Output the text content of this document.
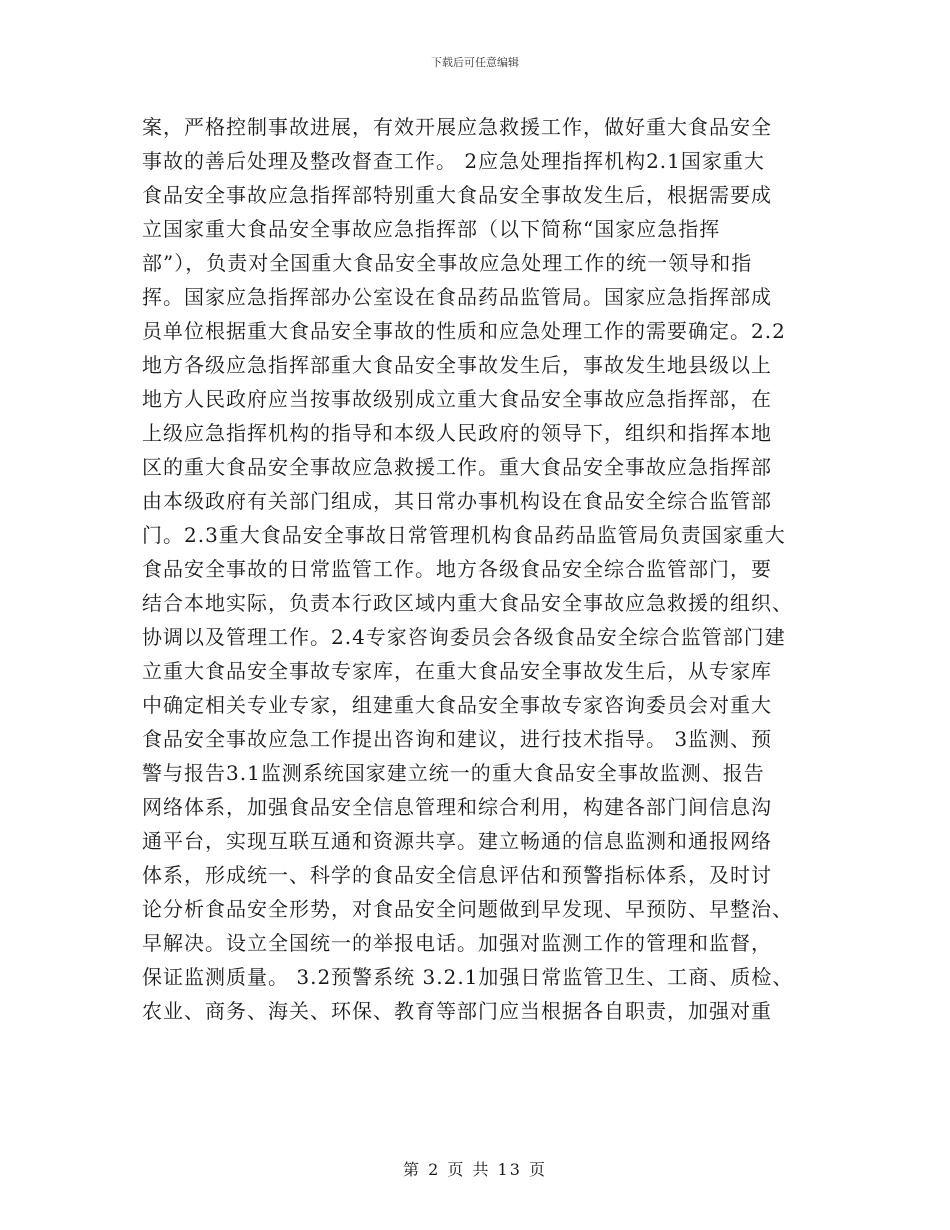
下载后可任意编辑
案，严格控制事故进展，有效开展应急救援工作，做好重大食品安全
事故的善后处理及整改督查工作。 2应急处理指挥机构2.1国家重大
食品安全事故应急指挥部特别重大食品安全事故发生后，根据需要成
立国家重大食品安全事故应急指挥部（以下简称“国家应急指挥
部”），负责对全国重大食品安全事故应急处理工作的统一领导和指
挥。国家应急指挥部办公室设在食品药品监管局。国家应急指挥部成
员单位根据重大食品安全事故的性质和应急处理工作的需要确定。2.2
地方各级应急指挥部重大食品安全事故发生后，事故发生地县级以上
地方人民政府应当按事故级别成立重大食品安全事故应急指挥部，在
上级应急指挥机构的指导和本级人民政府的领导下，组织和指挥本地
区的重大食品安全事故应急救援工作。重大食品安全事故应急指挥部
由本级政府有关部门组成，其日常办事机构设在食品安全综合监管部
门。2.3重大食品安全事故日常管理机构食品药品监管局负责国家重大
食品安全事故的日常监管工作。地方各级食品安全综合监管部门，要
结合本地实际，负责本行政区域内重大食品安全事故应急救援的组织、
协调以及管理工作。2.4专家咨询委员会各级食品安全综合监管部门建
立重大食品安全事故专家库，在重大食品安全事故发生后，从专家库
中确定相关专业专家，组建重大食品安全事故专家咨询委员会对重大
食品安全事故应急工作提出咨询和建议，进行技术指导。 3监测、预
警与报告3.1监测系统国家建立统一的重大食品安全事故监测、报告
网络体系，加强食品安全信息管理和综合利用，构建各部门间信息沟
通平台，实现互联互通和资源共享。建立畅通的信息监测和通报网络
体系，形成统一、科学的食品安全信息评估和预警指标体系，及时讨
论分析食品安全形势，对食品安全问题做到早发现、早预防、早整治、
早解决。设立全国统一的举报电话。加强对监测工作的管理和监督，
保证监测质量。 3.2预警系统 3.2.1加强日常监管卫生、工商、质检、
农业、商务、海关、环保、教育等部门应当根据各自职责，加强对重
第 2 页 共 13 页
